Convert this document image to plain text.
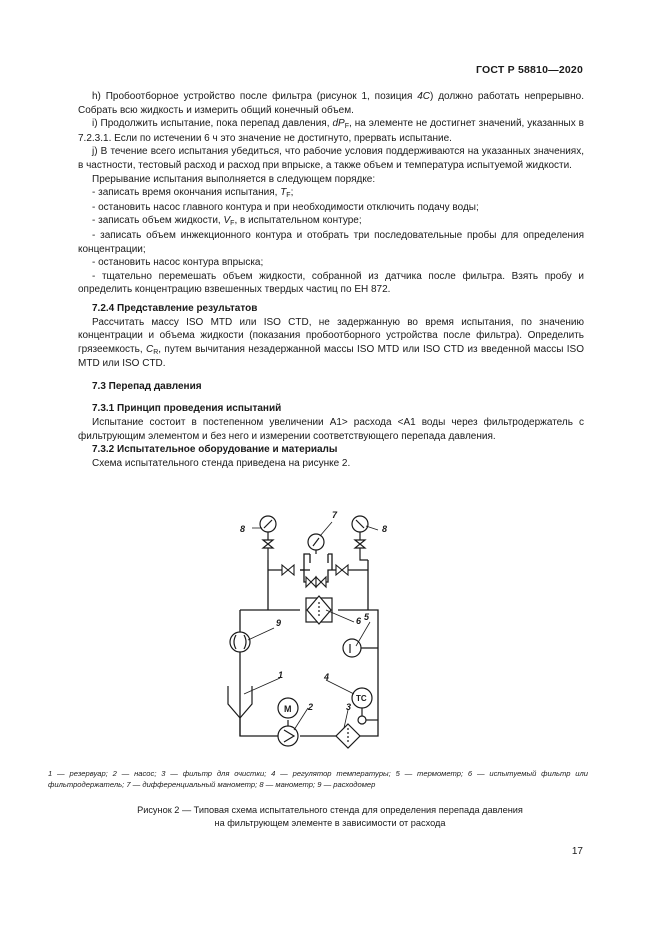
ГОСТ Р 58810—2020

h) Пробоотборное устройство после фильтра (рисунок 1, позиция 4C) должно работать непрерывно. Собрать всю жидкость и измерить общий конечный объем.

i) Продолжить испытание, пока перепад давления, $dP_F$, на элементе не достигнет значений, указанных в 7.2.3.1. Если по истечении 6 ч это значение не достигнуто, прервать испытание.

j) В течение всего испытания убедиться, что рабочие условия поддерживаются на указанных значениях, в частности, тестовый расход и расход при впрыске, а также объем и температура испытуемой жидкости.

Прерывание испытания выполняется в следующем порядке:

- записать время окончания испытания, $T_F$;

- остановить насос главного контура и при необходимости отключить подачу воды;

- записать объем жидкости, $V_F$, в испытательном контуре;

- записать объем инжекционного контура и отобрать три последовательные пробы для определения концентрации;

- остановить насос контура впрыска;

- тщательно перемешать объем жидкости, собранной из датчика после фильтра. Взять пробу и определить концентрацию взвешенных твердых частиц по ЕН 872.

7.2.4 Представление результатов

Рассчитать массу ISO MTD или ISO CTD, не задержанную во время испытания, по значению концентрации и объема жидкости (показания пробоотборного устройства после фильтра). Определить грязеемкость, $C_R$, путем вычитания незадержанной массы ISO MTD или ISO CTD из введенной массы ISO MTD или ISO CTD.

7.3 Перепад давления

7.3.1 Принцип проведения испытаний

Испытание состоит в постепенном увеличении А1> расхода <А1 воды через фильтродержатель с фильтрующим элементом и без него и измерении соответствующего перепада давления.

7.3.2 Испытательное оборудование и материалы

Схема испытательного стенда приведена на рисунке 2.

TC
M
8	8
7
6
9
5
1	4
2	3
1 — резервуар; 2 — насос; 3 — фильтр для очистки; 4 — регулятор температуры; 5 — термометр; 6 — испытуемый фильтр или фильтродержатель; 7 — дифференциальный манометр; 8 — манометр; 9 — расходомер
Рисунок 2 — Типовая схема испытательного стенда для определения перепада давления
на фильтрующем элементе в зависимости от расхода
17
